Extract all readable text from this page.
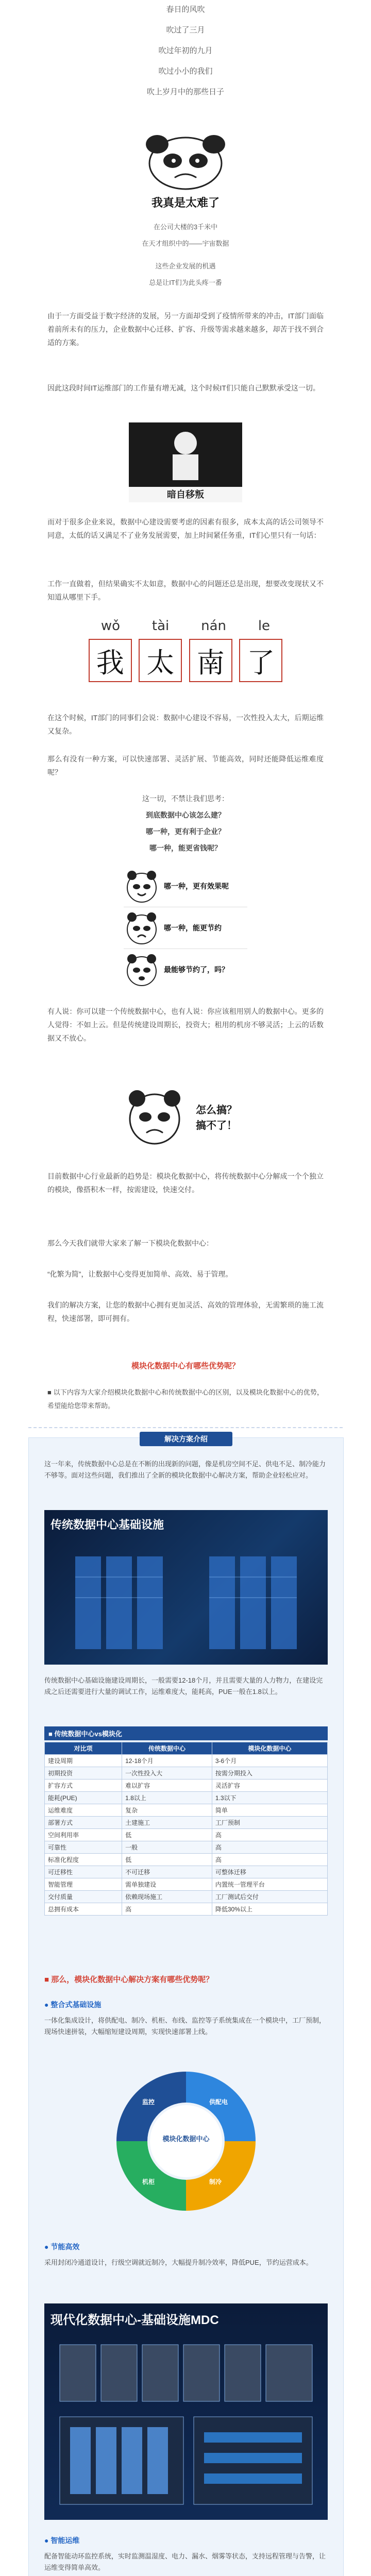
春日的风吹
吹过了三月
吹过年初的九月
吹过小小的我们
吹上岁月中的那些日子
我真是太难了
在公司大楼的3千米中
在天才组织中的——宇宙数据
这些企业发展的机遇
总是让IT们为此头疼一番
由于一方面受益于数字经济的发展，另一方面却受到了疫情所带来的冲击，IT部门面临着前所未有的压力，企业数据中心迁移、扩容、升级等需求越来越多，却苦于找不到合适的方案。
因此这段时间IT运维部门的工作量有增无减，这个时候IT们只能自己默默承受这一切。
暗自移叛
而对于很多企业来说，数据中心建设需要考虑的因素有很多，成本太高的话公司领导不同意，太低的话又满足不了业务发展需要，加上时间紧任务重，IT们心里只有一句话：
工作一直做着，但结果确实不太如意，数据中心的问题还总是出现，想要改变现状又不知道从哪里下手。
wǒ tài nán le
我 太 南 了
在这个时候，IT部门的同事们会说：数据中心建设不容易，一次性投入太大，后期运维又复杂。
那么有没有一种方案，可以快速部署、灵活扩展、节能高效，同时还能降低运维难度呢？
这一切，不禁让我们思考：
到底数据中心该怎么建？
哪一种，更有利于企业？
哪一种，能更省钱呢？
哪一种，更有效果呢
哪一种，能更节约
最能够节约了，吗？
有人说：你可以建一个传统数据中心，也有人说：你应该租用别人的数据中心。更多的人觉得：不如上云。但是传统建设周期长，投资大；租用的机房不够灵活；上云的话数据又不放心。
怎么搞？
搞不了！
目前数据中心行业最新的趋势是：模块化数据中心，将传统数据中心分解成一个个独立的模块，像搭积木一样，按需建设，快速交付。
那么今天我们就带大家来了解一下模块化数据中心：
“化繁为简”，让数据中心变得更加简单、高效、易于管理。
我们的解决方案，让您的数据中心拥有更加灵活、高效的管理体验，无需繁琐的施工流程，快速部署，即可拥有。
模块化数据中心有哪些优势呢？
■ 以下内容为大家介绍模块化数据中心和传统数据中心的区别，以及模块化数据中心的优势，希望能给您带来帮助。
解决方案介绍
这一年来，传统数据中心总是在不断的出现新的问题，像是机房空间不足、供电不足、制冷能力不够等。面对这些问题，我们推出了全新的模块化数据中心解决方案，帮助企业轻松应对。
传统数据中心基础设施
传统数据中心基础设施建设周期长，一般需要12-18个月，并且需要大量的人力物力，在建设完成之后还需要进行大量的调试工作，运维难度大，能耗高，PUE一般在1.8以上。
■ 传统数据中心vs模块化
对比项	传统数据中心	模块化数据中心
建设周期	12-18个月	3-6个月
初期投资	一次性投入大	按需分期投入
扩容方式	难以扩容	灵活扩容
能耗(PUE)	1.8以上	1.3以下
运维难度	复杂	简单
部署方式	土建施工	工厂预制
空间利用率	低	高
可靠性	一般	高
标准化程度	低	高
可迁移性	不可迁移	可整体迁移
智能管理	需单独建设	内置统一管理平台
交付质量	依赖现场施工	工厂测试后交付
总拥有成本	高	降低30%以上
■ 那么，模块化数据中心解决方案有哪些优势呢？
● 整合式基础设施
一体化集成设计，将供配电、制冷、机柜、布线、监控等子系统集成在一个模块中，工厂预制，现场快速拼装，大幅缩短建设周期，实现快速部署上线。
模块化数据中心
供配电
制冷
机柜
监控
● 节能高效
采用封闭冷通道设计，行级空调就近制冷，大幅提升制冷效率，降低PUE，节约运营成本。
现代化数据中心-基础设施MDC
● 智能运维
配备智能动环监控系统，实时监测温湿度、电力、漏水、烟雾等状态，支持远程管理与告警，让运维变得简单高效。
